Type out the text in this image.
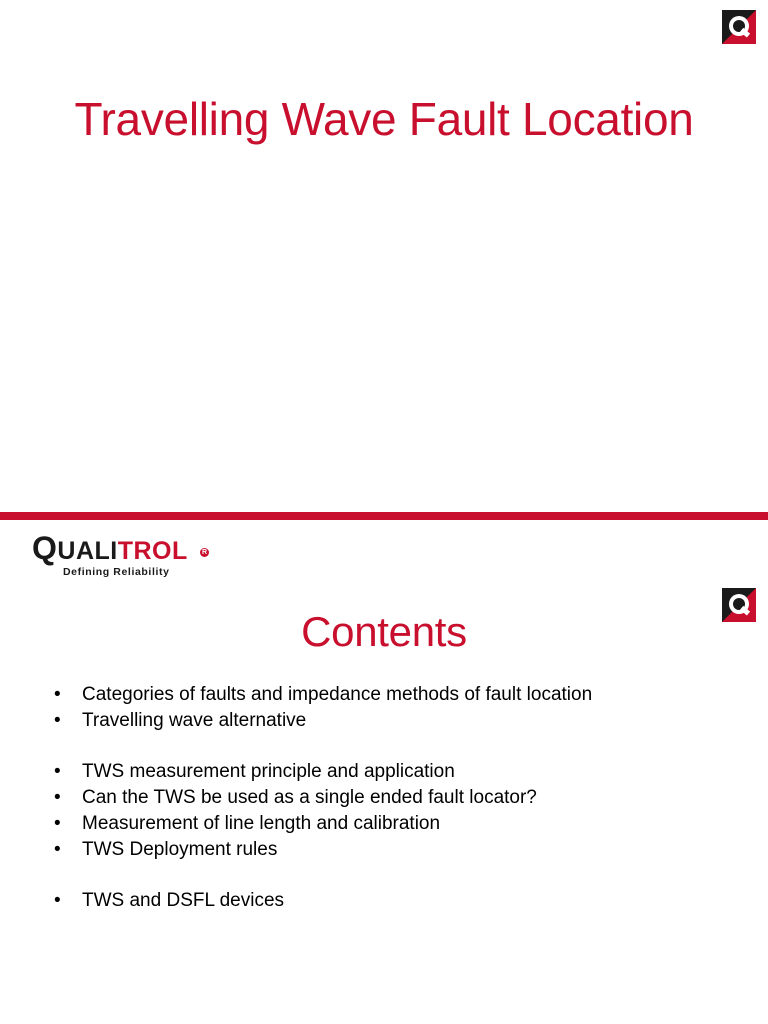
Travelling Wave Fault Location
QUALITROL R
Defining Reliability
Contents
• Categories of faults and impedance methods of fault location
• Travelling wave alternative
• TWS measurement principle and application
• Can the TWS be used as a single ended fault locator?
• Measurement of line length and calibration
• TWS Deployment rules
• TWS and DSFL devices
